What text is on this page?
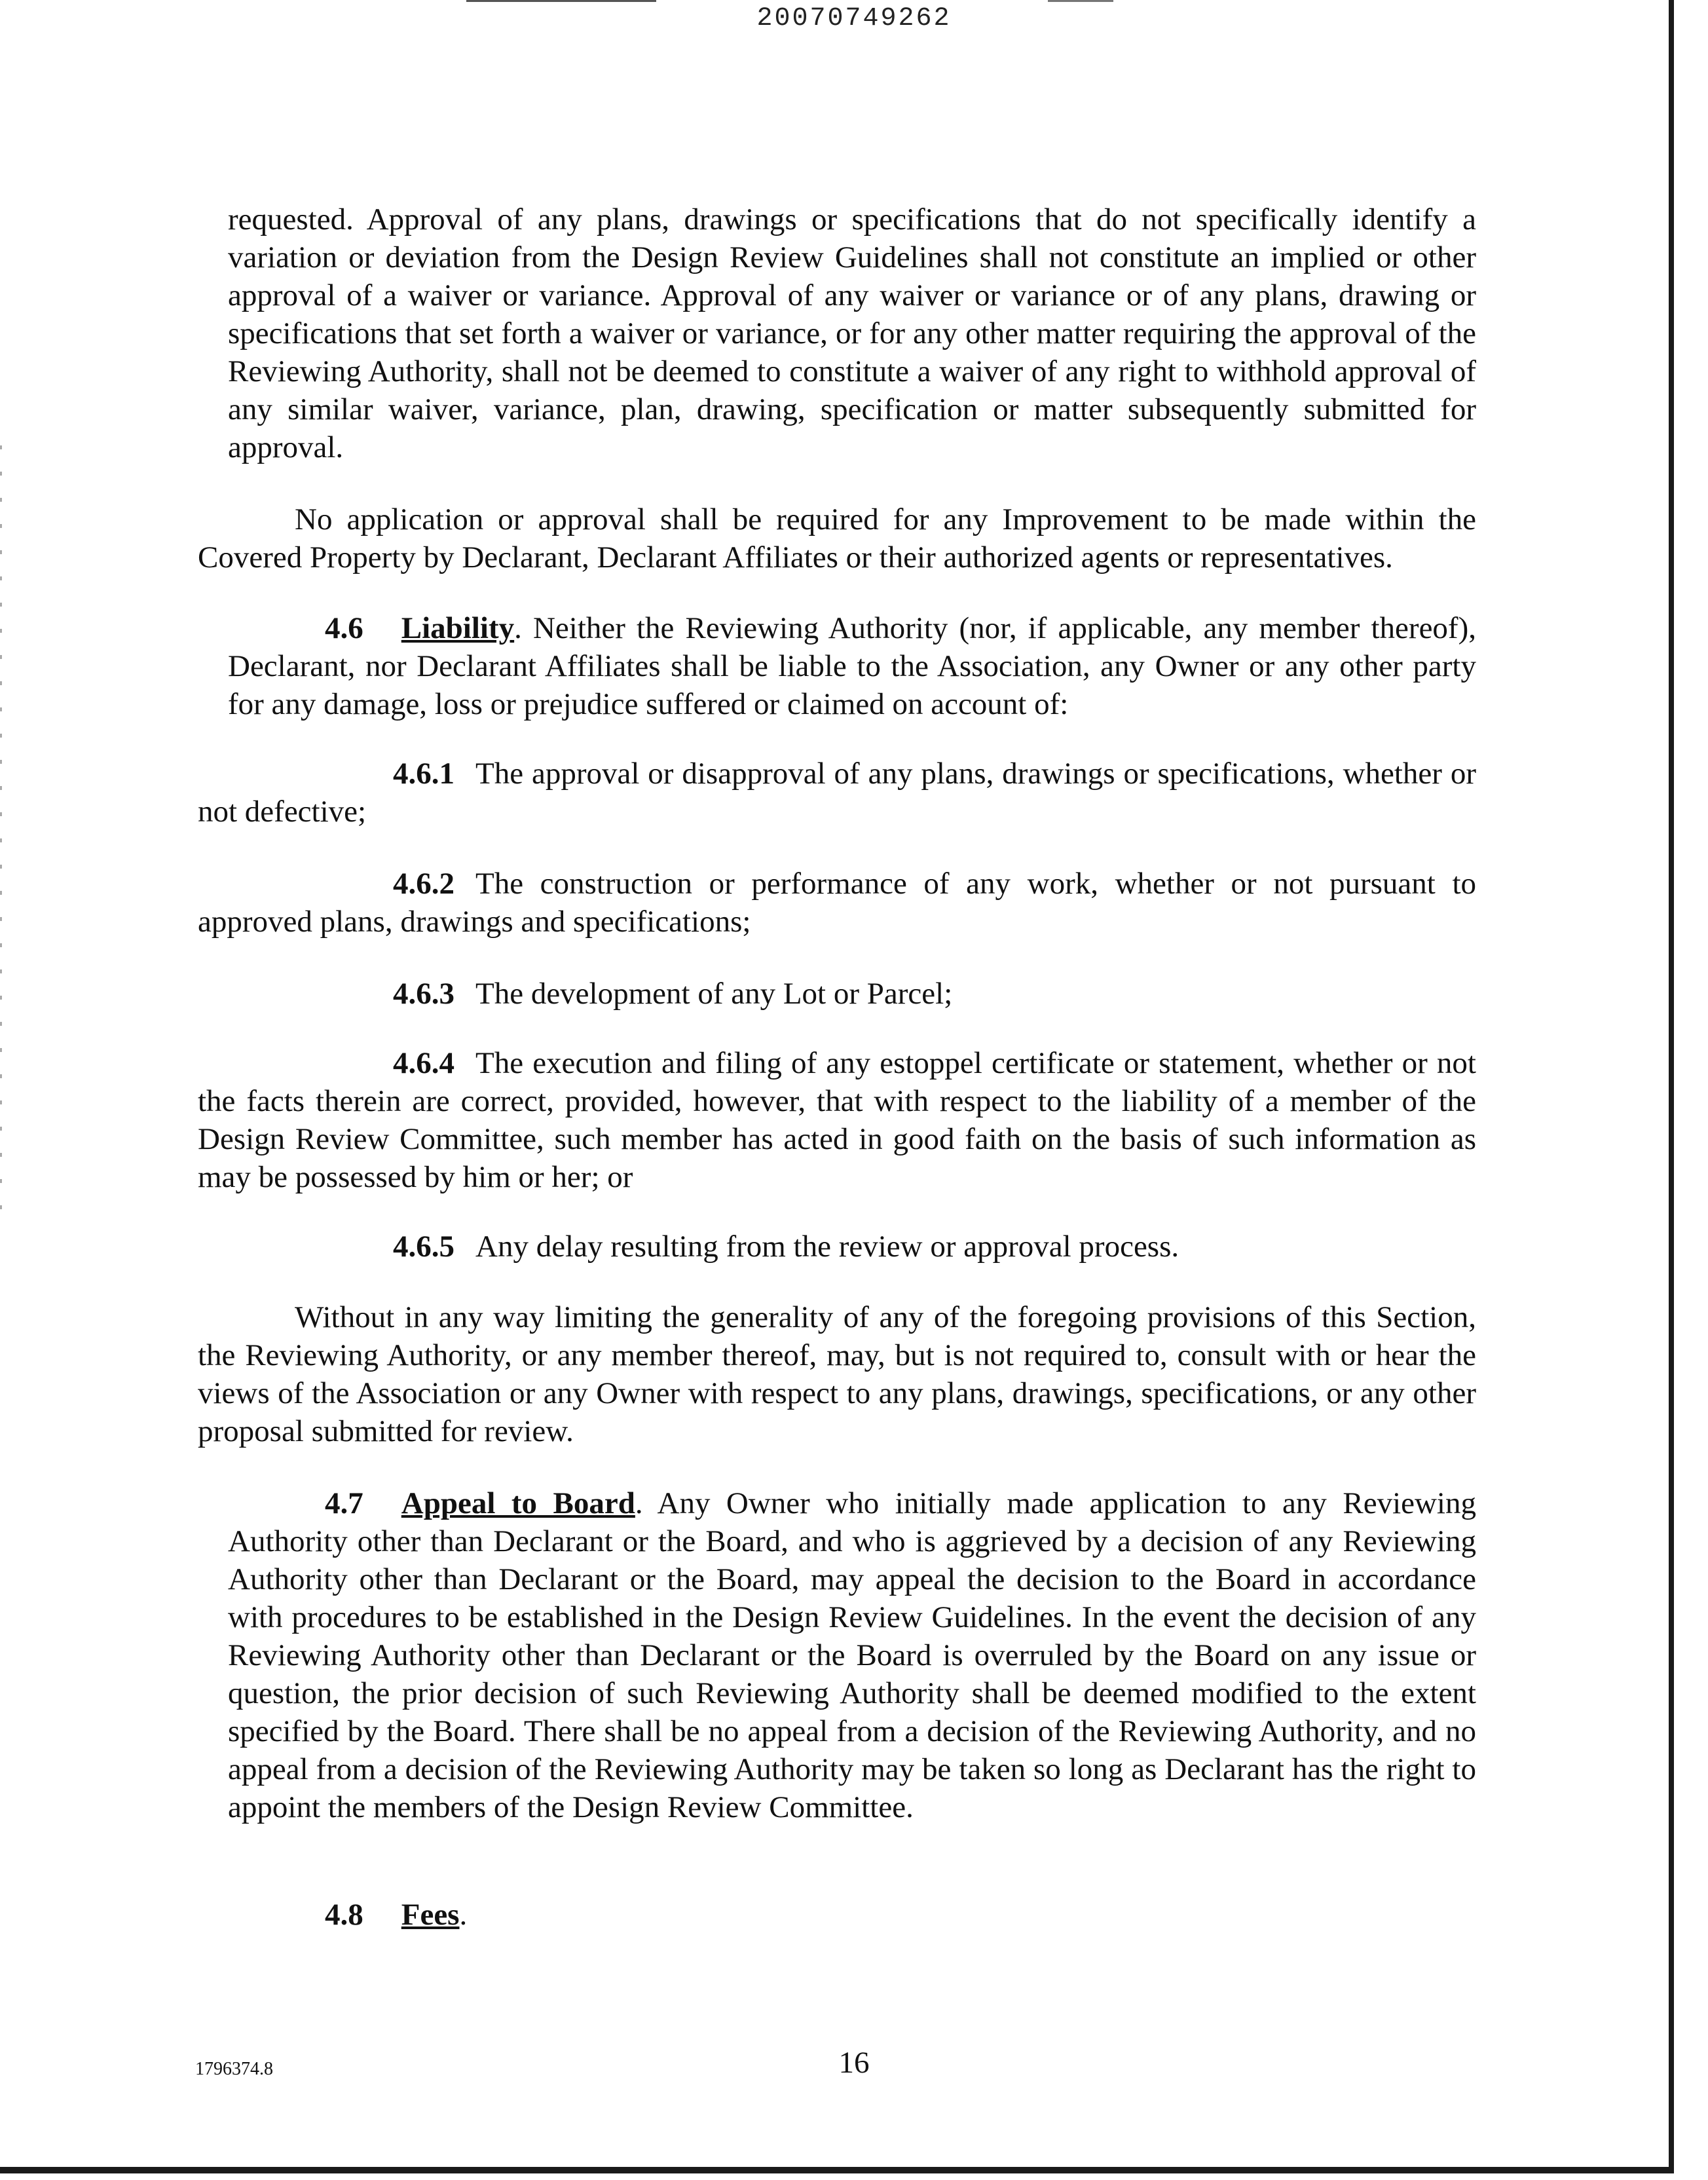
20070749262

requested. Approval of any plans, drawings or specifications that do not specifically identify a variation or deviation from the Design Review Guidelines shall not constitute an implied or other approval of a waiver or variance. Approval of any waiver or variance or of any plans, drawing or specifications that set forth a waiver or variance, or for any other matter requiring the approval of the Reviewing Authority, shall not be deemed to constitute a waiver of any right to withhold approval of any similar waiver, variance, plan, drawing, specification or matter subsequently submitted for approval.

No application or approval shall be required for any Improvement to be made within the Covered Property by Declarant, Declarant Affiliates or their authorized agents or representatives.

4.6 Liability. Neither the Reviewing Authority (nor, if applicable, any member thereof), Declarant, nor Declarant Affiliates shall be liable to the Association, any Owner or any other party for any damage, loss or prejudice suffered or claimed on account of:

4.6.1 The approval or disapproval of any plans, drawings or specifications, whether or not defective;

4.6.2 The construction or performance of any work, whether or not pursuant to approved plans, drawings and specifications;

4.6.3 The development of any Lot or Parcel;

4.6.4 The execution and filing of any estoppel certificate or statement, whether or not the facts therein are correct, provided, however, that with respect to the liability of a member of the Design Review Committee, such member has acted in good faith on the basis of such information as may be possessed by him or her; or

4.6.5 Any delay resulting from the review or approval process.

Without in any way limiting the generality of any of the foregoing provisions of this Section, the Reviewing Authority, or any member thereof, may, but is not required to, consult with or hear the views of the Association or any Owner with respect to any plans, drawings, specifications, or any other proposal submitted for review.

4.7 Appeal to Board. Any Owner who initially made application to any Reviewing Authority other than Declarant or the Board, and who is aggrieved by a decision of any Reviewing Authority other than Declarant or the Board, may appeal the decision to the Board in accordance with procedures to be established in the Design Review Guidelines. In the event the decision of any Reviewing Authority other than Declarant or the Board is overruled by the Board on any issue or question, the prior decision of such Reviewing Authority shall be deemed modified to the extent specified by the Board. There shall be no appeal from a decision of the Reviewing Authority, and no appeal from a decision of the Reviewing Authority may be taken so long as Declarant has the right to appoint the members of the Design Review Committee.

4.8 Fees.

1796374.8	16
